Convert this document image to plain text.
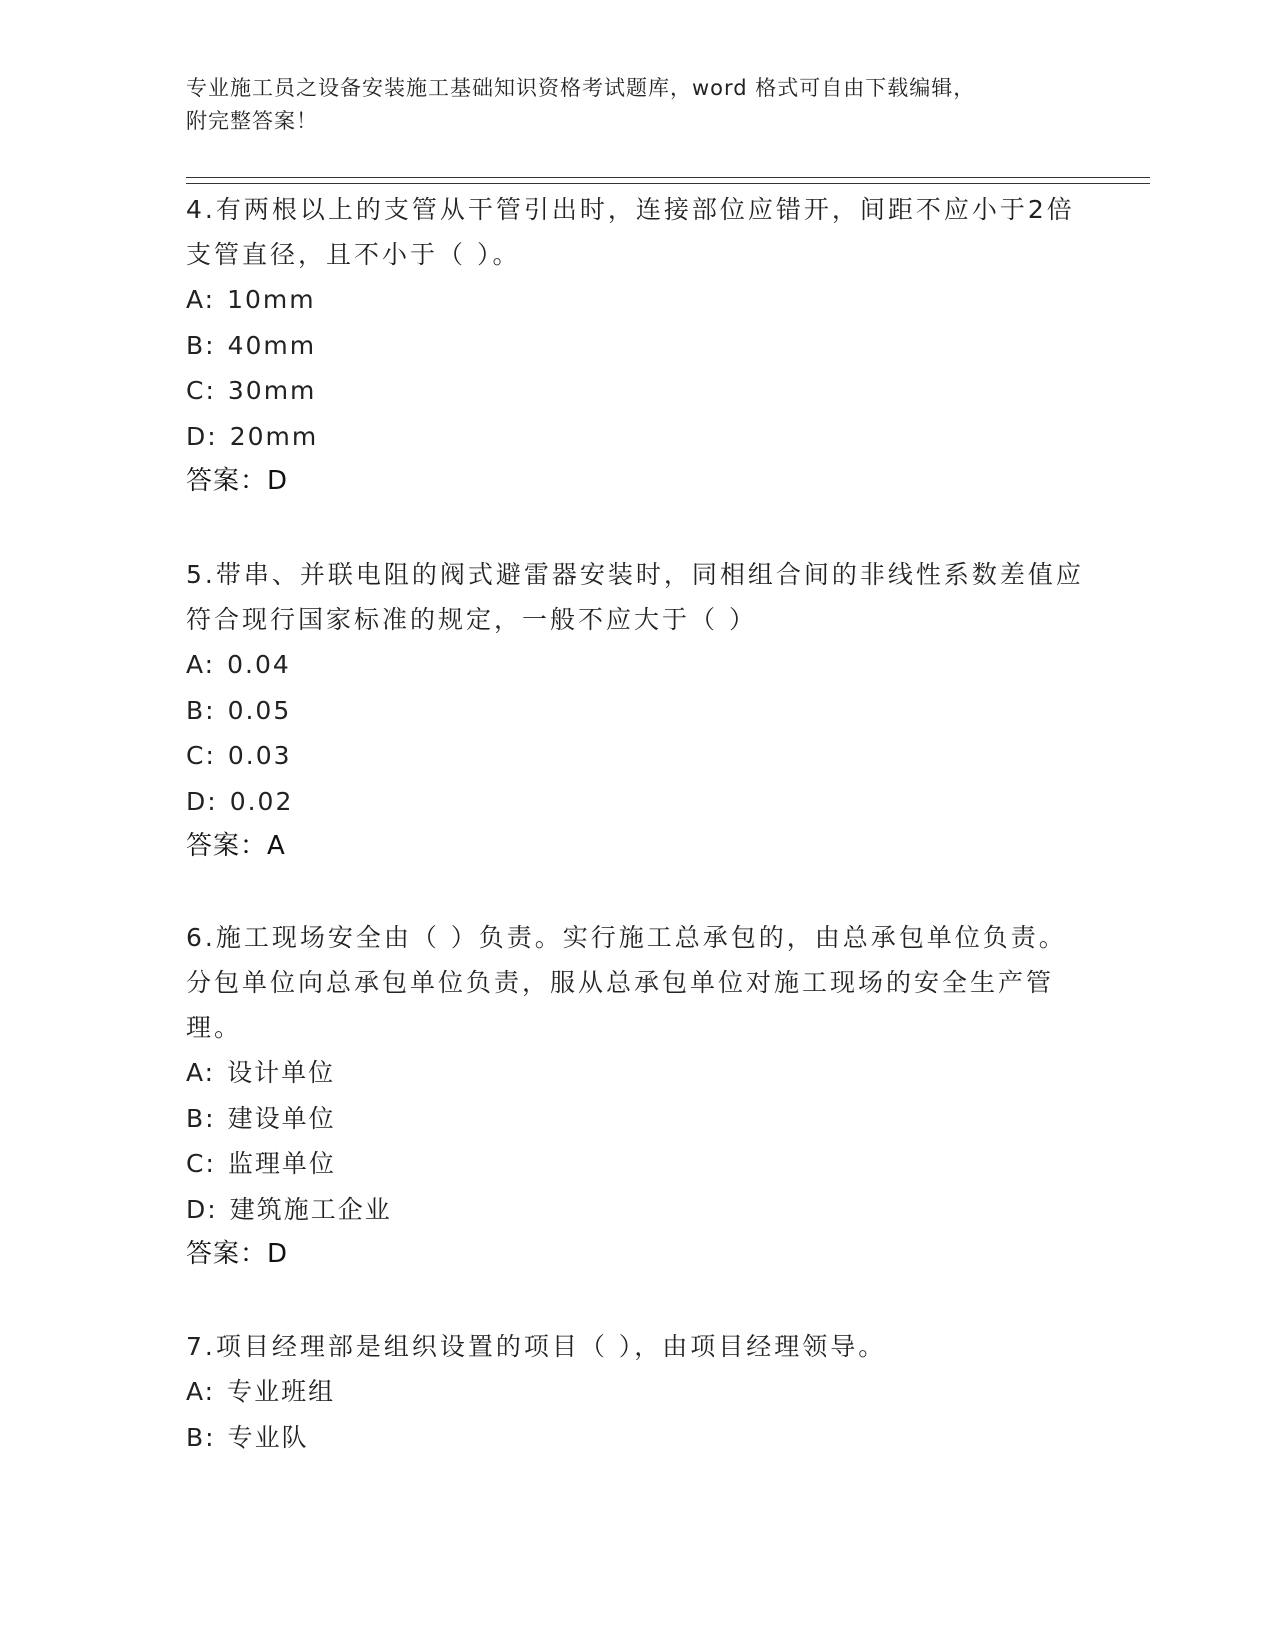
专业施工员之设备安装施工基础知识资格考试题库，word 格式可自由下载编辑，
附完整答案！

4.有两根以上的支管从干管引出时，连接部位应错开，间距不应小于2倍支管直径，且不小于（ ）。

A: 10mm
B: 40mm
C: 30mm
D: 20mm
答案：D

5.带串、并联电阻的阀式避雷器安装时，同相组合间的非线性系数差值应符合现行国家标准的规定，一般不应大于（ ）

A: 0.04
B: 0.05
C: 0.03
D: 0.02
答案：A

6.施工现场安全由（ ）负责。实行施工总承包的，由总承包单位负责。分包单位向总承包单位负责，服从总承包单位对施工现场的安全生产管理。

A: 设计单位
B: 建设单位
C: 监理单位
D: 建筑施工企业
答案：D

7.项目经理部是组织设置的项目（ ），由项目经理领导。

A: 专业班组
B: 专业队
